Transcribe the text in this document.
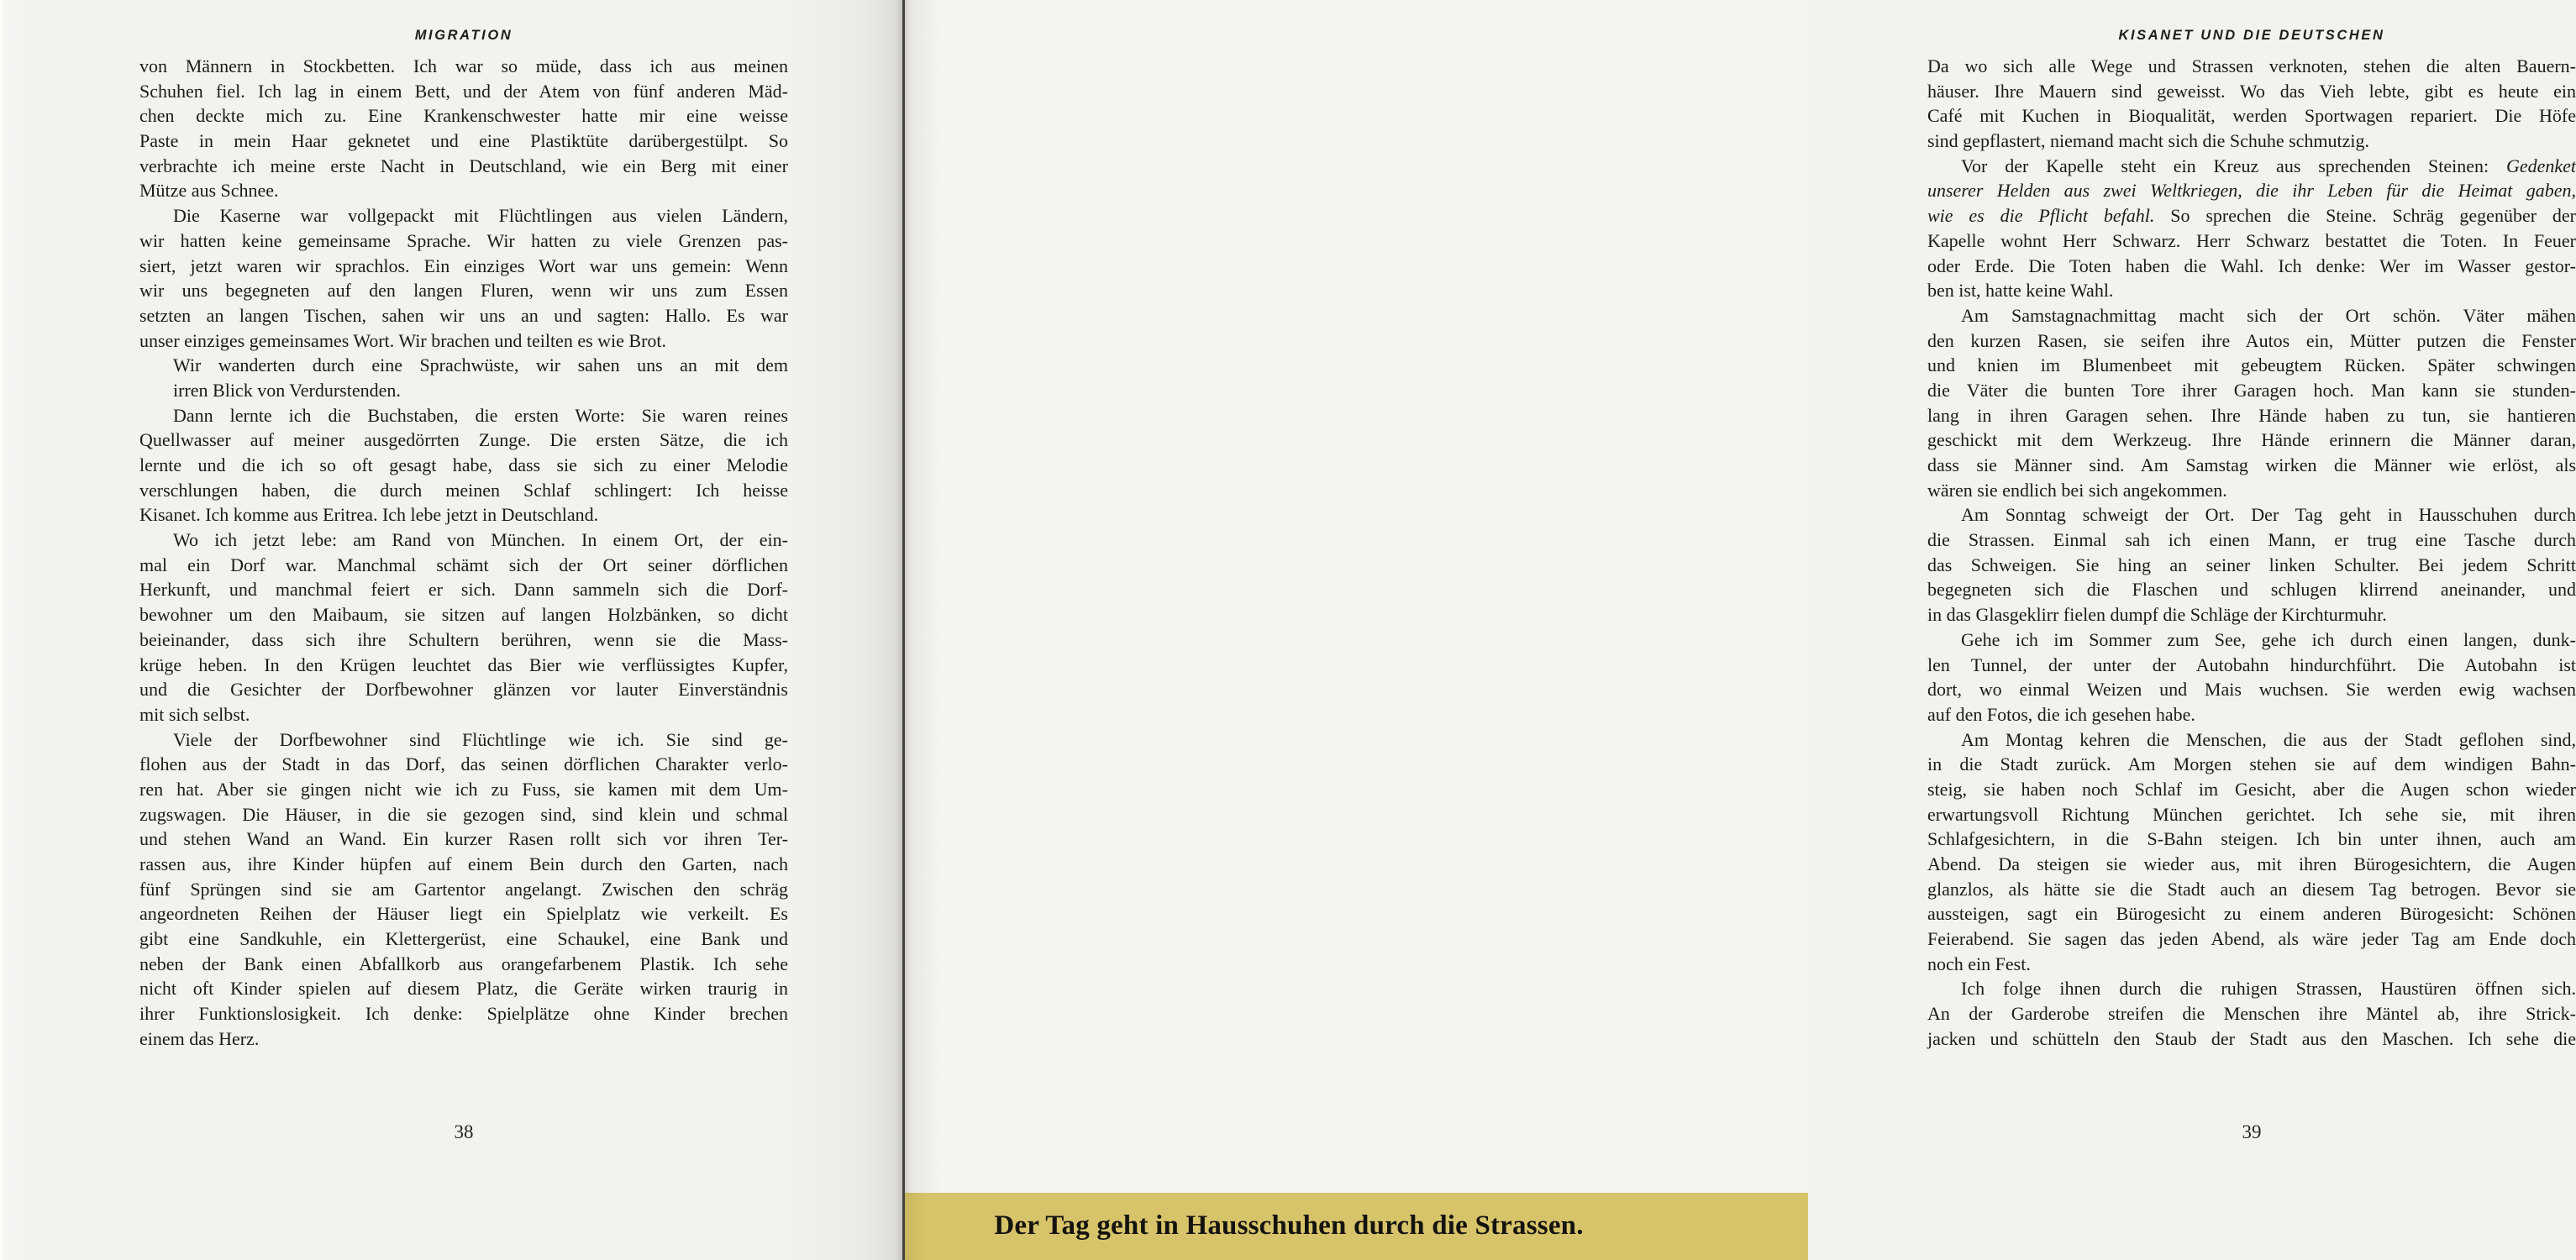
MIGRATION
von Männern in Stockbetten. Ich war so müde, dass ich aus meinen
Schuhen fiel. Ich lag in einem Bett, und der Atem von fünf anderen Mäd-
chen deckte mich zu. Eine Krankenschwester hatte mir eine weisse
Paste in mein Haar geknetet und eine Plastiktüte darübergestülpt. So
verbrachte ich meine erste Nacht in Deutschland, wie ein Berg mit einer
Mütze aus Schnee.
Die Kaserne war vollgepackt mit Flüchtlingen aus vielen Ländern,
wir hatten keine gemeinsame Sprache. Wir hatten zu viele Grenzen pas-
siert, jetzt waren wir sprachlos. Ein einziges Wort war uns gemein: Wenn
wir uns begegneten auf den langen Fluren, wenn wir uns zum Essen
setzten an langen Tischen, sahen wir uns an und sagten: Hallo. Es war
unser einziges gemeinsames Wort. Wir brachen und teilten es wie Brot.
Wir wanderten durch eine Sprachwüste, wir sahen uns an mit dem
irren Blick von Verdurstenden.
Dann lernte ich die Buchstaben, die ersten Worte: Sie waren reines
Quellwasser auf meiner ausgedörrten Zunge. Die ersten Sätze, die ich
lernte und die ich so oft gesagt habe, dass sie sich zu einer Melodie
verschlungen haben, die durch meinen Schlaf schlingert: Ich heisse
Kisanet. Ich komme aus Eritrea. Ich lebe jetzt in Deutschland.
Wo ich jetzt lebe: am Rand von München. In einem Ort, der ein-
mal ein Dorf war. Manchmal schämt sich der Ort seiner dörflichen
Herkunft, und manchmal feiert er sich. Dann sammeln sich die Dorf-
bewohner um den Maibaum, sie sitzen auf langen Holzbänken, so dicht
beieinander, dass sich ihre Schultern berühren, wenn sie die Mass-
krüge heben. In den Krügen leuchtet das Bier wie verflüssigtes Kupfer,
und die Gesichter der Dorfbewohner glänzen vor lauter Einverständnis
mit sich selbst.
Viele der Dorfbewohner sind Flüchtlinge wie ich. Sie sind ge-
flohen aus der Stadt in das Dorf, das seinen dörflichen Charakter verlo-
ren hat. Aber sie gingen nicht wie ich zu Fuss, sie kamen mit dem Um-
zugswagen. Die Häuser, in die sie gezogen sind, sind klein und schmal
und stehen Wand an Wand. Ein kurzer Rasen rollt sich vor ihren Ter-
rassen aus, ihre Kinder hüpfen auf einem Bein durch den Garten, nach
fünf Sprüngen sind sie am Gartentor angelangt. Zwischen den schräg
angeordneten Reihen der Häuser liegt ein Spielplatz wie verkeilt. Es
gibt eine Sandkuhle, ein Klettergerüst, eine Schaukel, eine Bank und
neben der Bank einen Abfallkorb aus orangefarbenem Plastik. Ich sehe
nicht oft Kinder spielen auf diesem Platz, die Geräte wirken traurig in
ihrer Funktionslosigkeit. Ich denke: Spielplätze ohne Kinder brechen
einem das Herz.
38
KISANET UND DIE DEUTSCHEN
Da wo sich alle Wege und Strassen verknoten, stehen die alten Bauern-
häuser. Ihre Mauern sind geweisst. Wo das Vieh lebte, gibt es heute ein
Café mit Kuchen in Bioqualität, werden Sportwagen repariert. Die Höfe
sind gepflastert, niemand macht sich die Schuhe schmutzig.
Vor der Kapelle steht ein Kreuz aus sprechenden Steinen: Gedenket
unserer Helden aus zwei Weltkriegen, die ihr Leben für die Heimat gaben,
wie es die Pflicht befahl. So sprechen die Steine. Schräg gegenüber der
Kapelle wohnt Herr Schwarz. Herr Schwarz bestattet die Toten. In Feuer
oder Erde. Die Toten haben die Wahl. Ich denke: Wer im Wasser gestor-
ben ist, hatte keine Wahl.
Am Samstagnachmittag macht sich der Ort schön. Väter mähen
den kurzen Rasen, sie seifen ihre Autos ein, Mütter putzen die Fenster
und knien im Blumenbeet mit gebeugtem Rücken. Später schwingen
die Väter die bunten Tore ihrer Garagen hoch. Man kann sie stunden-
lang in ihren Garagen sehen. Ihre Hände haben zu tun, sie hantieren
geschickt mit dem Werkzeug. Ihre Hände erinnern die Männer daran,
dass sie Männer sind. Am Samstag wirken die Männer wie erlöst, als
wären sie endlich bei sich angekommen.
Am Sonntag schweigt der Ort. Der Tag geht in Hausschuhen durch
die Strassen. Einmal sah ich einen Mann, er trug eine Tasche durch
das Schweigen. Sie hing an seiner linken Schulter. Bei jedem Schritt
begegneten sich die Flaschen und schlugen klirrend aneinander, und
in das Glasgeklirr fielen dumpf die Schläge der Kirchturmuhr.
Gehe ich im Sommer zum See, gehe ich durch einen langen, dunk-
len Tunnel, der unter der Autobahn hindurchführt. Die Autobahn ist
dort, wo einmal Weizen und Mais wuchsen. Sie werden ewig wachsen
auf den Fotos, die ich gesehen habe.
Am Montag kehren die Menschen, die aus der Stadt geflohen sind,
in die Stadt zurück. Am Morgen stehen sie auf dem windigen Bahn-
steig, sie haben noch Schlaf im Gesicht, aber die Augen schon wieder
erwartungsvoll Richtung München gerichtet. Ich sehe sie, mit ihren
Schlafgesichtern, in die S-Bahn steigen. Ich bin unter ihnen, auch am
Abend. Da steigen sie wieder aus, mit ihren Bürogesichtern, die Augen
glanzlos, als hätte sie die Stadt auch an diesem Tag betrogen. Bevor sie
aussteigen, sagt ein Bürogesicht zu einem anderen Bürogesicht: Schönen
Feierabend. Sie sagen das jeden Abend, als wäre jeder Tag am Ende doch
noch ein Fest.
Ich folge ihnen durch die ruhigen Strassen, Haustüren öffnen sich.
An der Garderobe streifen die Menschen ihre Mäntel ab, ihre Strick-
jacken und schütteln den Staub der Stadt aus den Maschen. Ich sehe die
39
Der Tag geht in Hausschuhen durch die Strassen.
